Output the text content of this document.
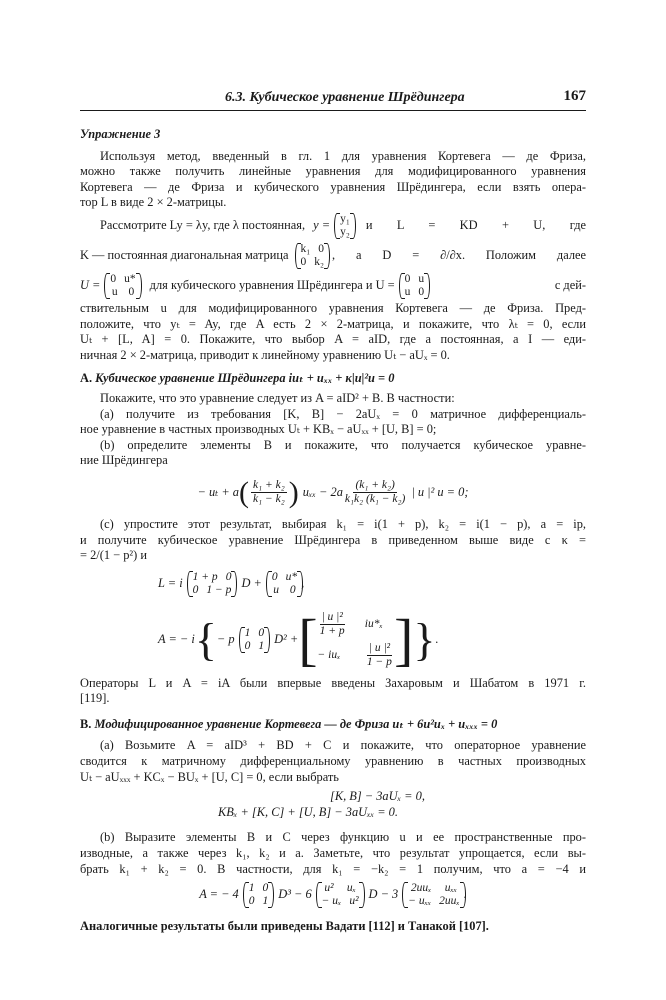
6.3. Кубическое уравнение Шрёдингера	167
Упражнение 3
Используя метод, введенный в гл. 1 для уравнения Кортевега — де Фриза,
можно также получить линейные уравнения для модифицированного уравнения
Кортевега — де Фриза и кубического уравнения Шрёдингера, если взять опера-
тор L в виде 2 × 2-матрицы.
Рассмотрите Ly = λy, где λ постоянная, y = y₁
y₂ и L = KD + U, где
K — постоянная диагональная матрица k₁ 0
0 k₂ , а D = ∂/∂x. Положим далее
U = 0 u*
u 0 для кубического уравнения Шрёдингера и U = 0 u
u 0	с дей-
ствительным u для модифицированного уравнения Кортевега — де Фриза. Пред-
положите, что yₜ = Ay, где A есть 2 × 2-матрица, и покажите, что λₜ = 0, если
Uₜ + [L, A] = 0. Покажите, что выбор A = aID, где a постоянная, а I — еди-
ничная 2 × 2-матрица, приводит к линейному уравнению Uₜ − aUₓ = 0.
А. Кубическое уравнение Шрёдингера iuₜ + uₓₓ + κ|u|²u = 0
Покажите, что это уравнение следует из A = aID² + B. В частности:
(a) получите из требования [K, B] − 2aUₓ = 0 матричное дифференциаль-
ное уравнение в частных производных Uₜ + KBₓ − aUₓₓ + [U, B] = 0;
(b) определите элементы B и покажите, что получается кубическое уравне-
ние Шрёдингера
− uₜ + a ( $\frac{\text{k₁ + k₂}}{\text{k₁ − k₂}}$ ) $u_{xx} - 2a \frac{\text{(k₁ + k₂)}}{\text{k₁k₂ (k₁ − k₂)}}$ | u |² u = 0;
(c) упростите этот результат, выбирая k₁ = i(1 + p), k₂ = i(1 − p), a = ip,
и получите кубическое уравнение Шрёдингера в приведенном выше виде с κ =
= 2/(1 − p²) и
L = i 1 + p 0
0 1 − p D + 0 u*
u 0 ,
A = − i { − p 1 0
0 1 D² + [ $\frac{\text{| u |²}}{1 + p} iu*_x$
− iuₓ	$\frac{\text{| u |²}}{1 - p}$ ] } .
Операторы L и A = iA были впервые введены Захаровым и Шабатом в 1971 г.
[119].
В. Модифицированное уравнение Кортевега — де Фриза uₜ + 6u²uₓ + uₓₓₓ = 0
(a) Возьмите A = aID³ + BD + C и покажите, что операторное уравнение
сводится к матричному дифференциальному уравнению в частных производных
Uₜ − aUₓₓₓ + KCₓ − BUₓ + [U, C] = 0, если выбрать
[K, B] − 3aUₓ = 0,
KBₓ + [K, C] + [U, B] − 3aUₓₓ = 0.
(b) Выразите элементы B и C через функцию u и ее пространственные про-
изводные, а также через k₁, k₂ и a. Заметьте, что результат упрощается, если вы-
брать k₁ + k₂ = 0. В частности, для k₁ = −k₂ = 1 получим, что a = −4 и
A = − 4 1 0
0 1 D³ − 6 u² uₓ
− uₓ u² D − 3 2uuₓ uₓₓ
− uₓₓ 2uuₓ .
Аналогичные результаты были приведены Вадати [112] и Танакой [107].
